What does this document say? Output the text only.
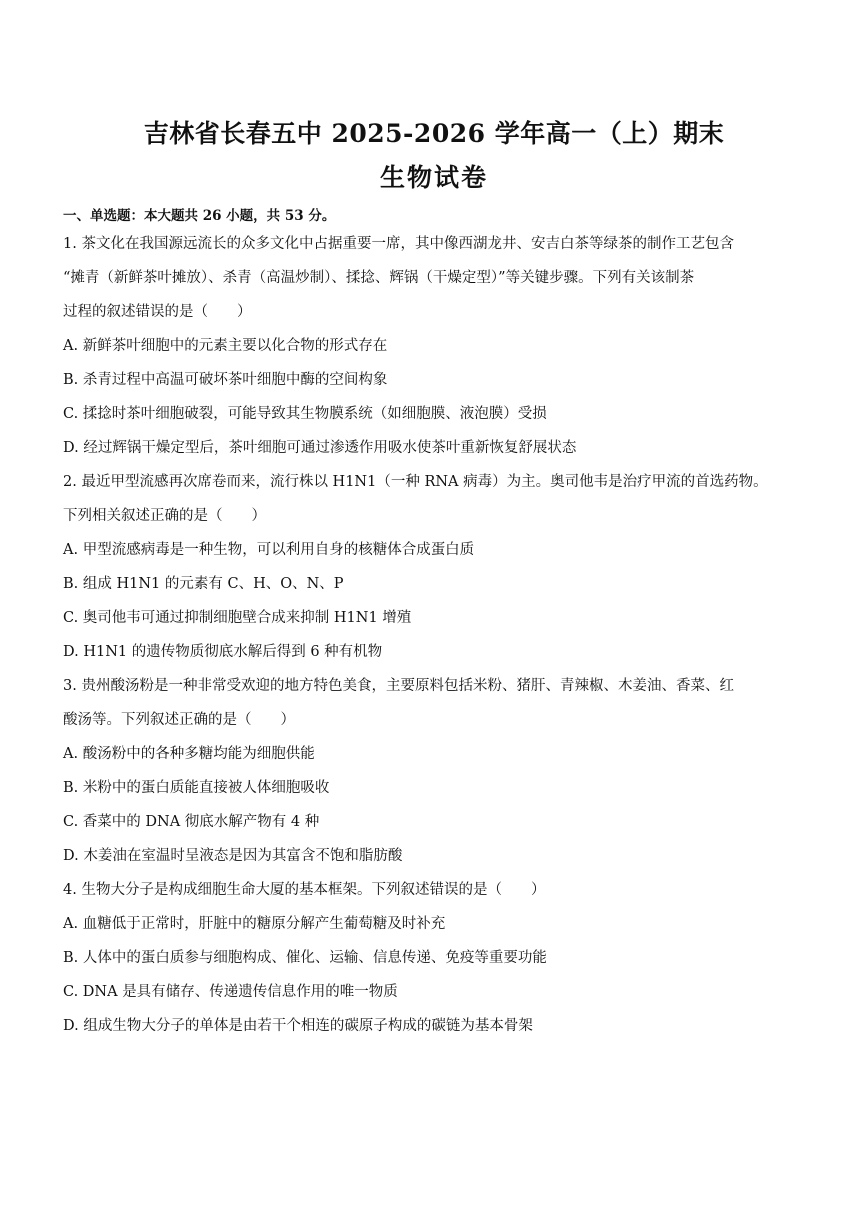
吉林省长春五中 2025-2026 学年高一（上）期末
生物试卷
一、单选题：本大题共 26 小题，共 53 分。
1. 茶文化在我国源远流长的众多文化中占据重要一席，其中像西湖龙井、安吉白茶等绿茶的制作工艺包含
“摊青（新鲜茶叶摊放）、杀青（高温炒制）、揉捻、辉锅（干燥定型）”等关键步骤。下列有关该制茶
过程的叙述错误的是（　　）
A. 新鲜茶叶细胞中的元素主要以化合物的形式存在
B. 杀青过程中高温可破坏茶叶细胞中酶的空间构象
C. 揉捻时茶叶细胞破裂，可能导致其生物膜系统（如细胞膜、液泡膜）受损
D. 经过辉锅干燥定型后，茶叶细胞可通过渗透作用吸水使茶叶重新恢复舒展状态
2. 最近甲型流感再次席卷而来，流行株以 H1N1（一种 RNA 病毒）为主。奥司他韦是治疗甲流的首选药物。
下列相关叙述正确的是（　　）
A. 甲型流感病毒是一种生物，可以利用自身的核糖体合成蛋白质
B. 组成 H1N1 的元素有 C、H、O、N、P
C. 奥司他韦可通过抑制细胞壁合成来抑制 H1N1 增殖
D. H1N1 的遗传物质彻底水解后得到 6 种有机物
3. 贵州酸汤粉是一种非常受欢迎的地方特色美食，主要原料包括米粉、猪肝、青辣椒、木姜油、香菜、红
酸汤等。下列叙述正确的是（　　）
A. 酸汤粉中的各种多糖均能为细胞供能
B. 米粉中的蛋白质能直接被人体细胞吸收
C. 香菜中的 DNA 彻底水解产物有 4 种
D. 木姜油在室温时呈液态是因为其富含不饱和脂肪酸
4. 生物大分子是构成细胞生命大厦的基本框架。下列叙述错误的是（　　）
A. 血糖低于正常时，肝脏中的糖原分解产生葡萄糖及时补充
B. 人体中的蛋白质参与细胞构成、催化、运输、信息传递、免疫等重要功能
C. DNA 是具有储存、传递遗传信息作用的唯一物质
D. 组成生物大分子的单体是由若干个相连的碳原子构成的碳链为基本骨架
